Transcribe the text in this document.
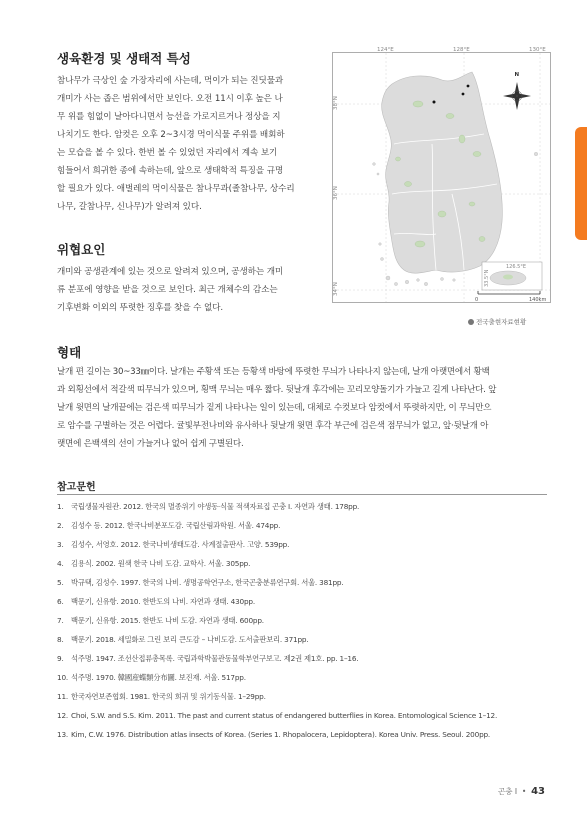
생육환경 및 생태적 특성
참나무가 극상인 숲 가장자리에 사는데, 먹이가 되는 진딧물과
개미가 사는 좁은 범위에서만 보인다. 오전 11시 이후 높은 나
무 위를 힘없이 날아다니면서 능선을 가로지르거나 정상을 지
나치기도 한다. 암컷은 오후 2~3시경 먹이식물 주위를 배회하
는 모습을 볼 수 있다. 한번 볼 수 있었던 자리에서 계속 보기
힘들어서 희귀한 종에 속하는데, 앞으로 생태학적 특징을 규명
할 필요가 있다. 애벌레의 먹이식물은 참나무과(졸참나무, 상수리
나무, 갈참나무, 신나무)가 알려져 있다.
위협요인
개미와 공생관계에 있는 것으로 알려져 있으며, 공생하는 개미
류 분포에 영향을 받을 것으로 보인다. 최근 개체수의 감소는
기후변화 이외의 뚜렷한 징후를 찾을 수 없다.
124°E	128°E	130°E
38°N
36°N
34°N
N
126.5°E
33.5°N
0	140km
전국출현자료현황
형태
날개 편 길이는 30~33㎜이다. 날개는 주황색 또는 등황색 바탕에 뚜렷한 무늬가 나타나지 않는데, 날개 아랫면에서 황백
과 외횡선에서 적갈색 띠무늬가 있으며, 횡맥 무늬는 매우 짧다. 뒷날개 후각에는 꼬리모양돌기가 가늘고 길게 나타난다. 앞
날개 윗면의 날개끝에는 검은색 띠무늬가 짙게 나타나는 일이 있는데, 대체로 수컷보다 암컷에서 뚜렷하지만, 이 무늬만으
로 암수를 구별하는 것은 어렵다. 귤빛부전나비와 유사하나 뒷날개 윗면 후각 부근에 검은색 점무늬가 없고, 앞·뒷날개 아
랫면에 은백색의 선이 가늘거나 없어 쉽게 구별된다.
참고문헌
1. 국립생물자원관. 2012. 한국의 멸종위기 야생동·식물 적색자료집 곤충 I. 자연과 생태. 178pp.
2. 김성수 등. 2012. 한국나비분포도감. 국립산림과학원. 서울. 474pp.
3. 김성수, 서영호. 2012. 한국나비생태도감. 사계절출판사. 고양. 539pp.
4. 김용식. 2002. 원색 한국 나비 도감. 교학사. 서울. 305pp.
5. 박규택, 김성수. 1997. 한국의 나비. 생명공학연구소, 한국곤충분류연구회. 서울. 381pp.
6. 백문기, 신유항. 2010. 한반도의 나비. 자연과 생태. 430pp.
7. 백문기, 신유항. 2015. 한반도 나비 도감. 자연과 생태. 600pp.
8. 백문기. 2018. 세밀화로 그린 보리 큰도감 – 나비도감. 도서출판보리. 371pp.
9. 석주명. 1947. 조선산접류총목록. 국립과학박물관동물학부연구보고. 제2권 제1호. pp. 1–16.
10. 석주명. 1970. 韓國産蝶類分布圖. 보진재. 서울. 517pp.
11. 한국자연보존협회. 1981. 한국의 희귀 및 위기동식물. 1–29pp.
12. Choi, S.W. and S.S. Kim. 2011. The past and current status of endangered butterflies in Korea. Entomological Science 1–12.
13. Kim, C.W. 1976. Distribution atlas insects of Korea. (Series 1. Rhopalocera, Lepidoptera). Korea Univ. Press. Seoul. 200pp.
곤충 I  •  43
